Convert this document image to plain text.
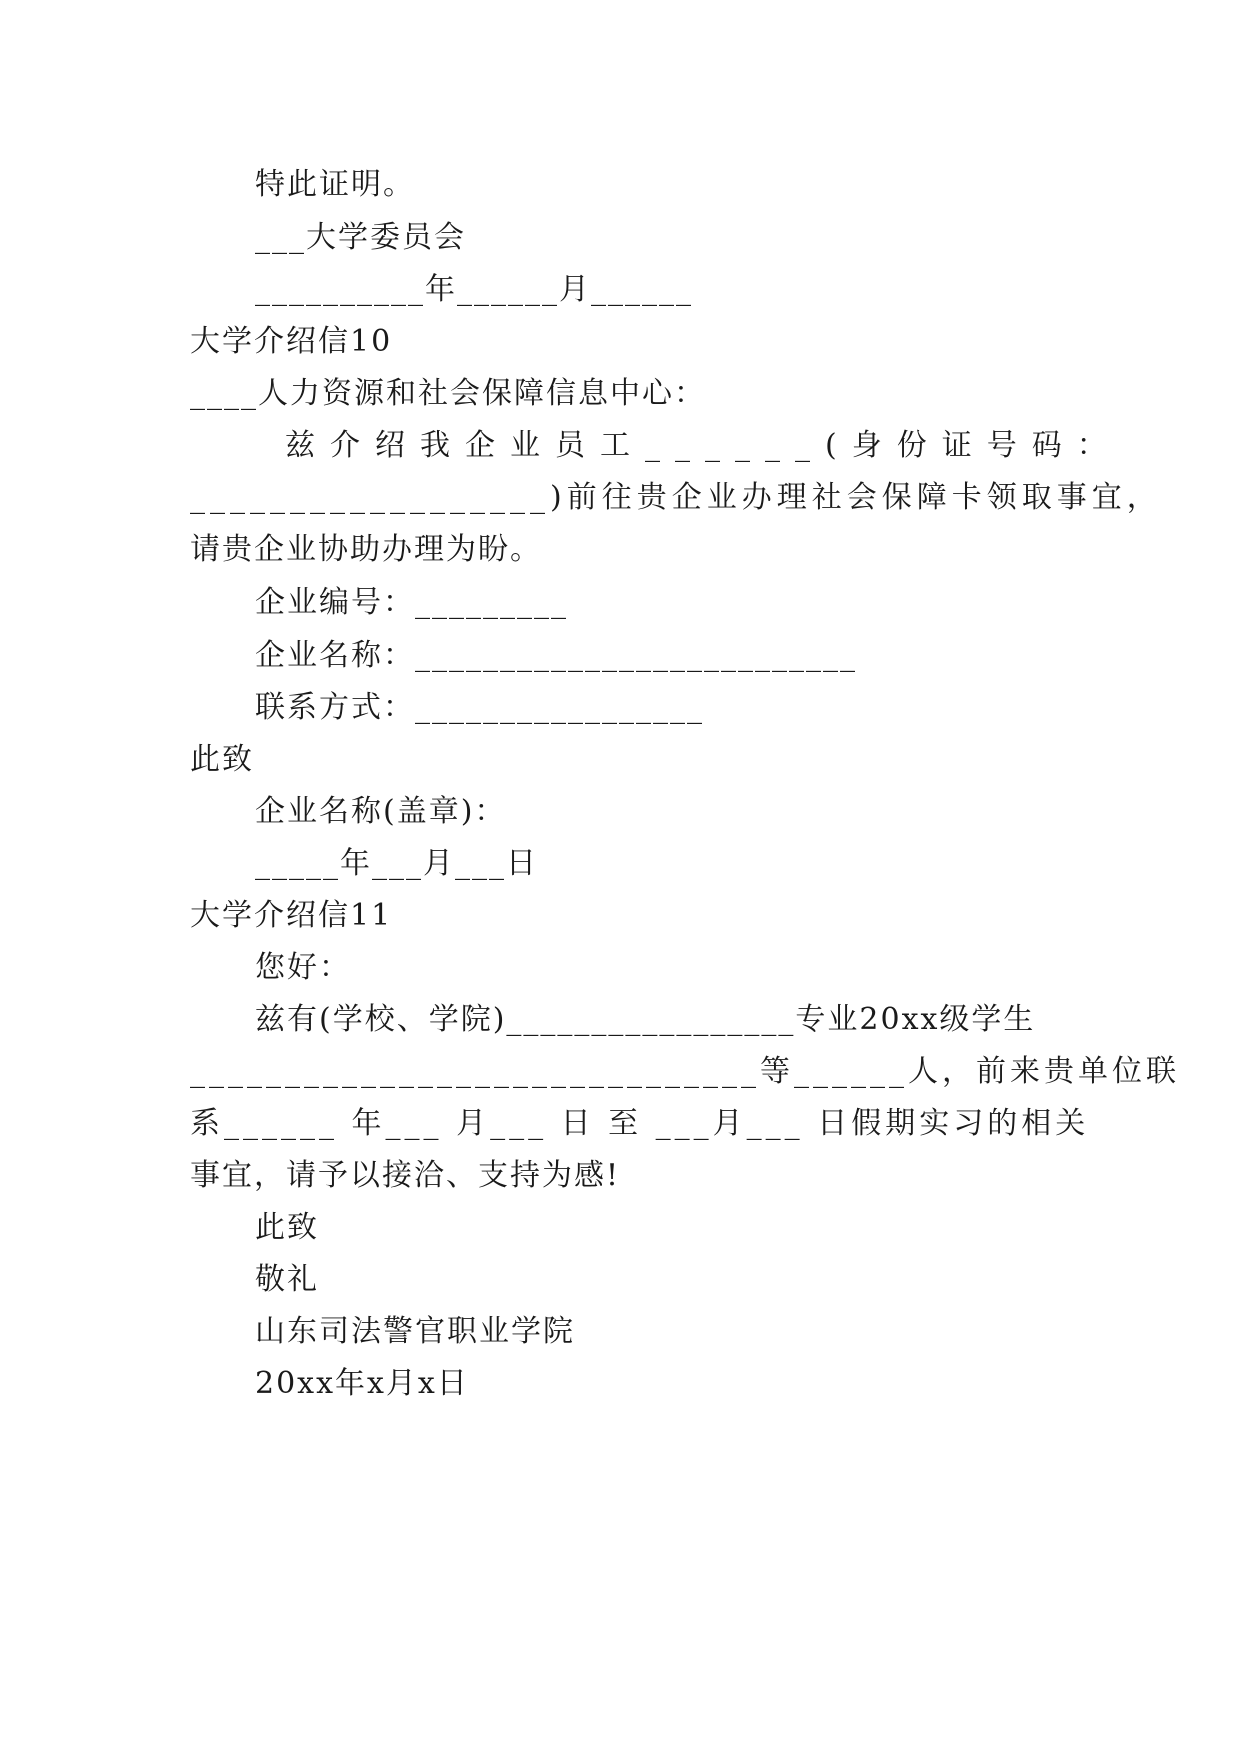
特此证明。
___大学委员会
__________年______月______
大学介绍信10
____人力资源和社会保障信息中心：
兹介绍我企业员工______(身份证号码：
__________________)前往贵企业办理社会保障卡领取事宜，
请贵企业协助办理为盼。
企业编号：_________
企业名称：__________________________
联系方式：_________________
此致
企业名称(盖章)：
_____年___月___日
大学介绍信11
您好：
兹有(学校、学院)_________________专业20xx级学生
______________________________等______人，前来贵单位联
系______ 年___ 月___ 日 至 ___月___ 日假期实习的相关
事宜，请予以接洽、支持为感!
此致
敬礼
山东司法警官职业学院
20xx年x月x日
